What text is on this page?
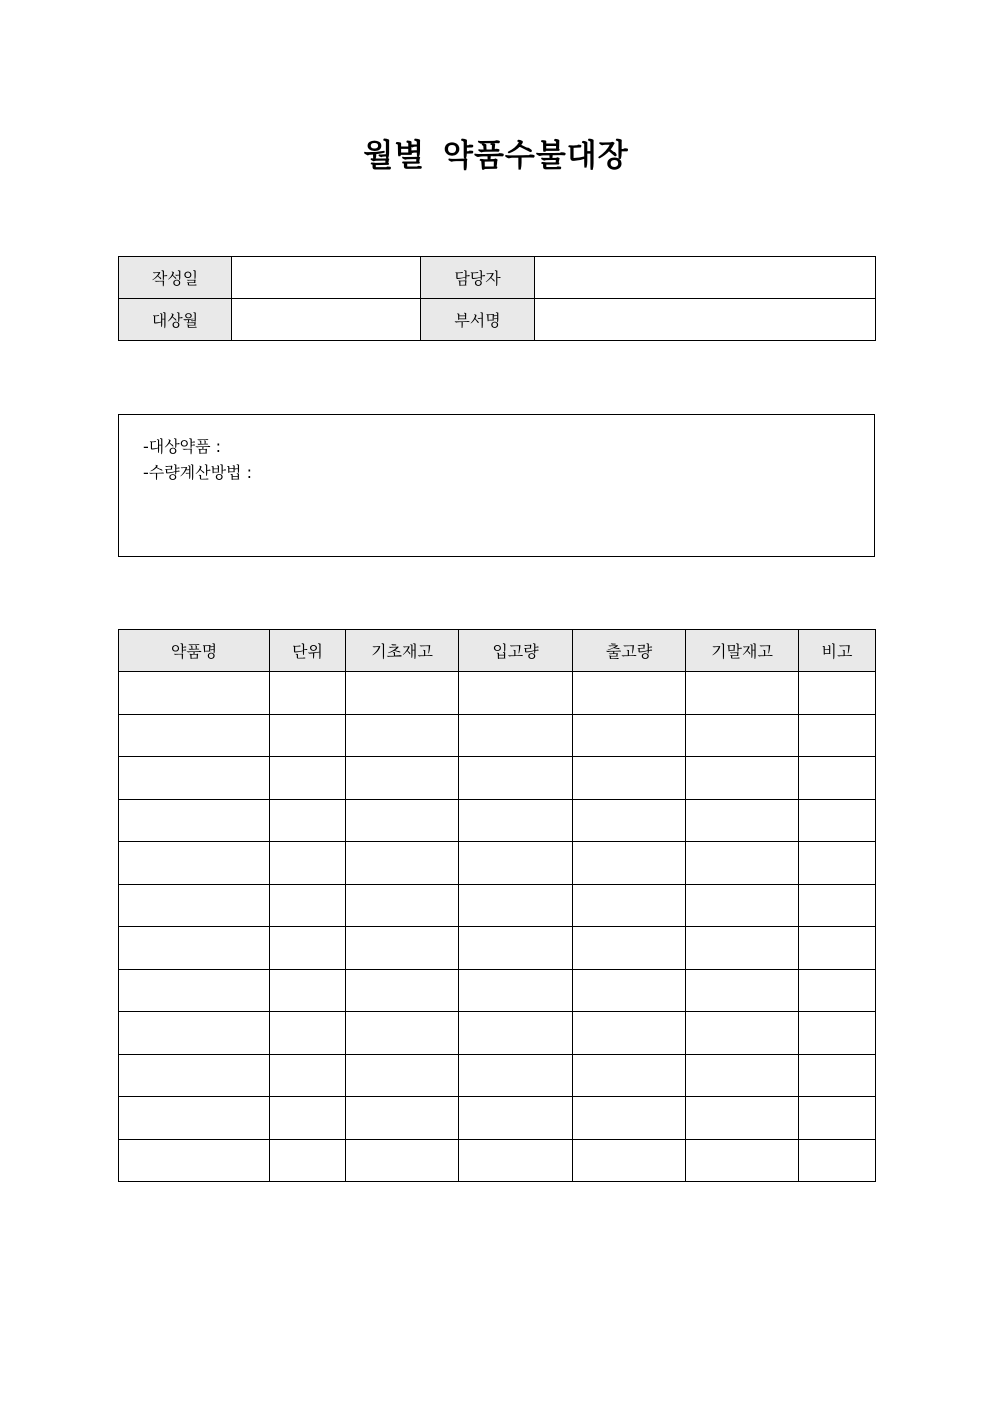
월별 약품수불대장
작성일		담당자	
대상월		부서명	
-대상약품 :
-수량계산방법 :
약품명	단위	기초재고	입고량	출고량	기말재고	비고
